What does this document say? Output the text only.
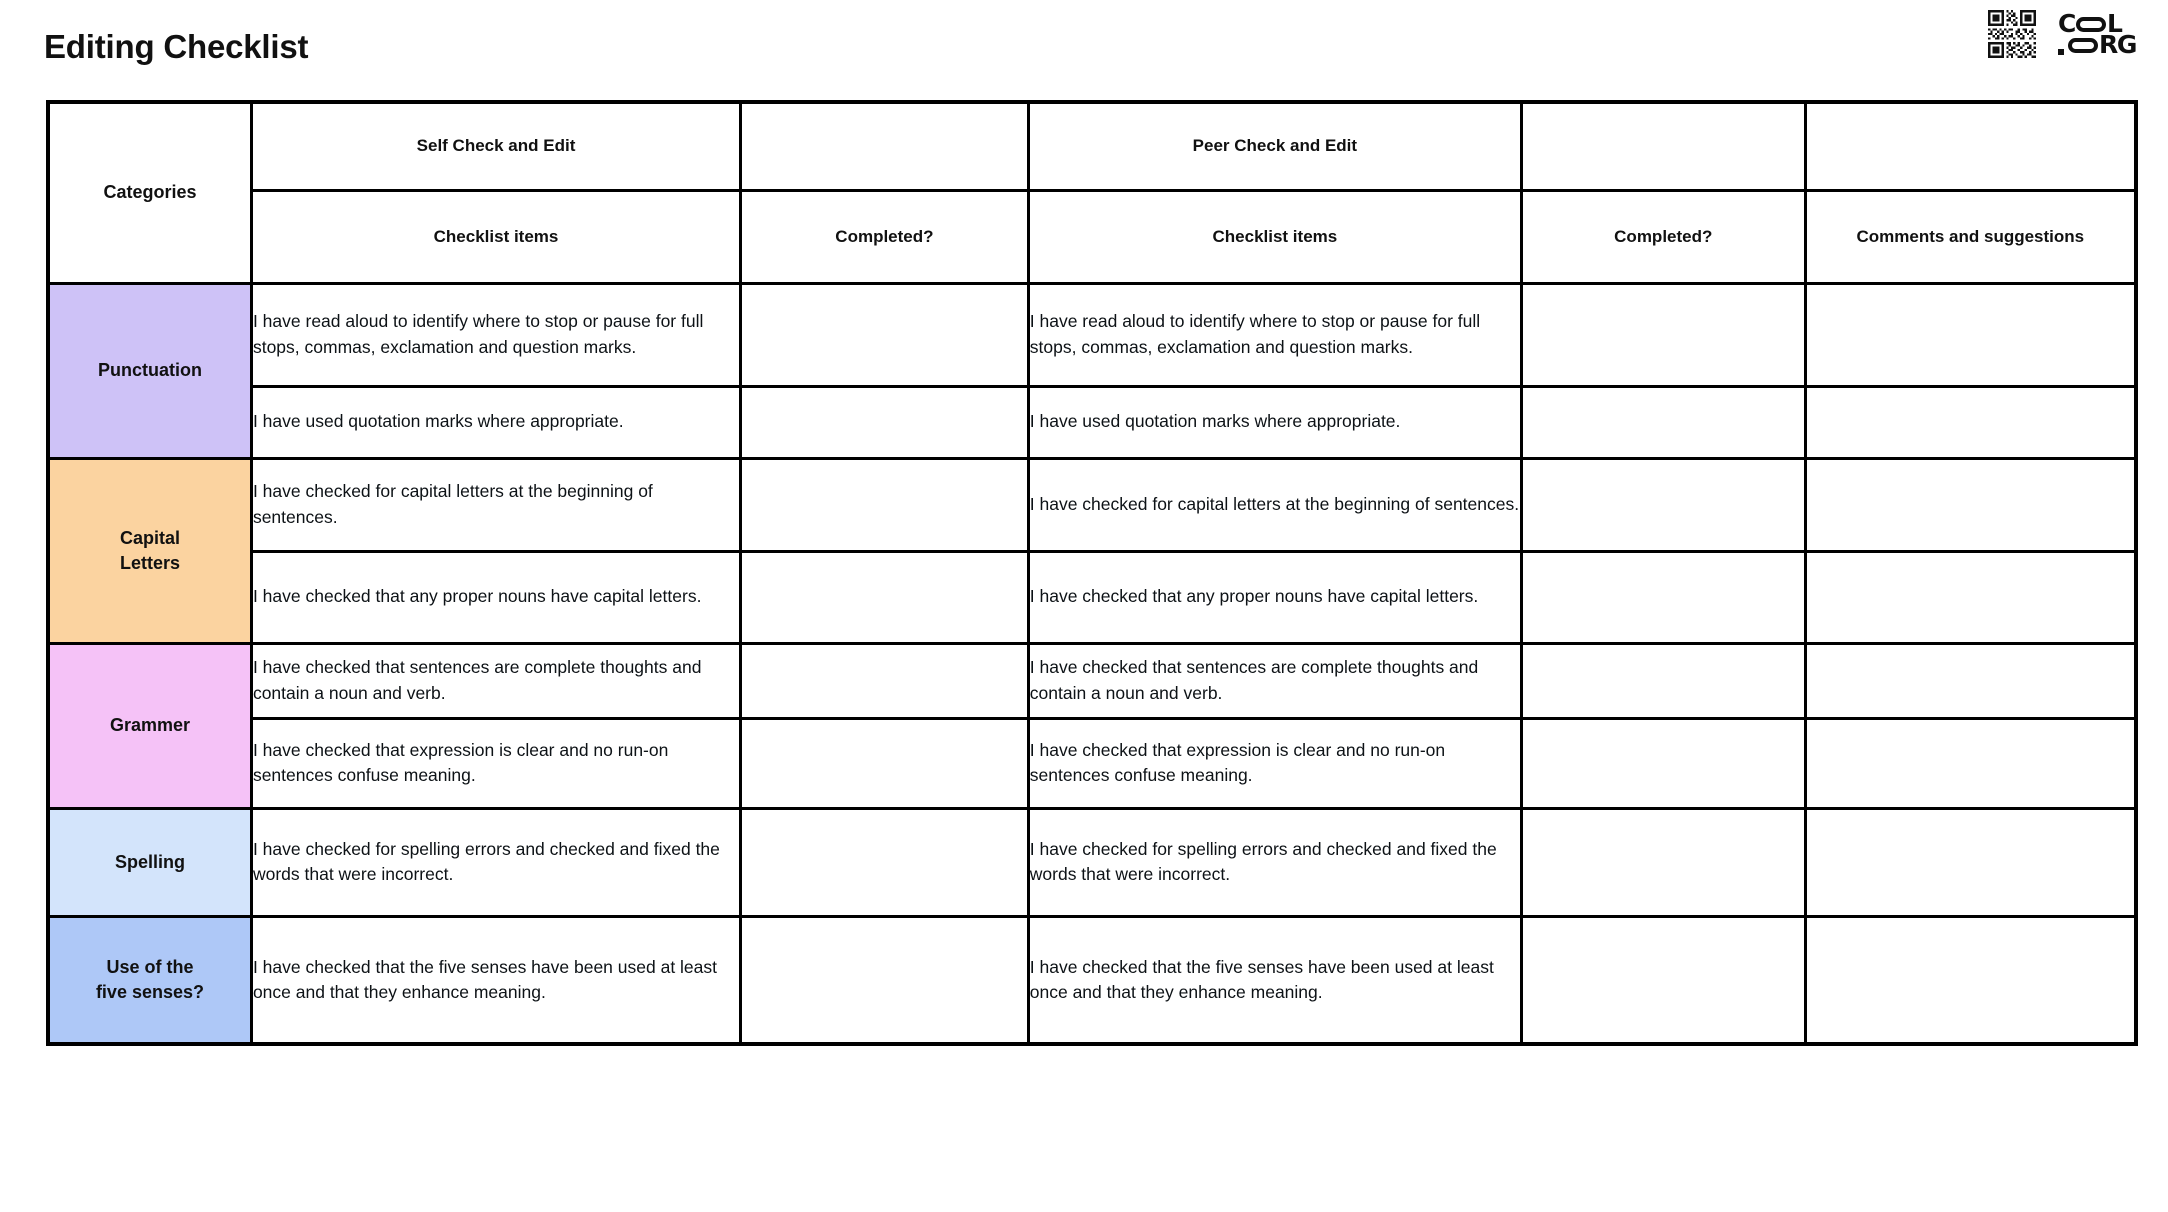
Editing Checklist
C L
RG
Categories	Self Check and Edit		Peer Check and Edit		
	Checklist items	Completed?	Checklist items	Completed?	Comments and suggestions

Punctuation	I have read aloud to identify where to stop or pause for full stops, commas, exclamation and question marks.		I have read aloud to identify where to stop or pause for full stops, commas, exclamation and question marks.		
	I have used quotation marks where appropriate.		I have used quotation marks where appropriate.		

Capital
Letters	I have checked for capital letters at the beginning of sentences.		I have checked for capital letters at the beginning of sentences.		
	I have checked that any proper nouns have capital letters.		I have checked that any proper nouns have capital letters.		

Grammer	I have checked that sentences are complete thoughts and contain a noun and verb.		I have checked that sentences are complete thoughts and contain a noun and verb.		
	I have checked that expression is clear and no run-on sentences confuse meaning.		I have checked that expression is clear and no run-on sentences confuse meaning.		

Spelling	I have checked for spelling errors and checked and fixed the words that were incorrect.		I have checked for spelling errors and checked and fixed the words that were incorrect.		

Use of the
five senses?	I have checked that the five senses have been used at least once and that they enhance meaning.		I have checked that the five senses have been used at least once and that they enhance meaning.		
